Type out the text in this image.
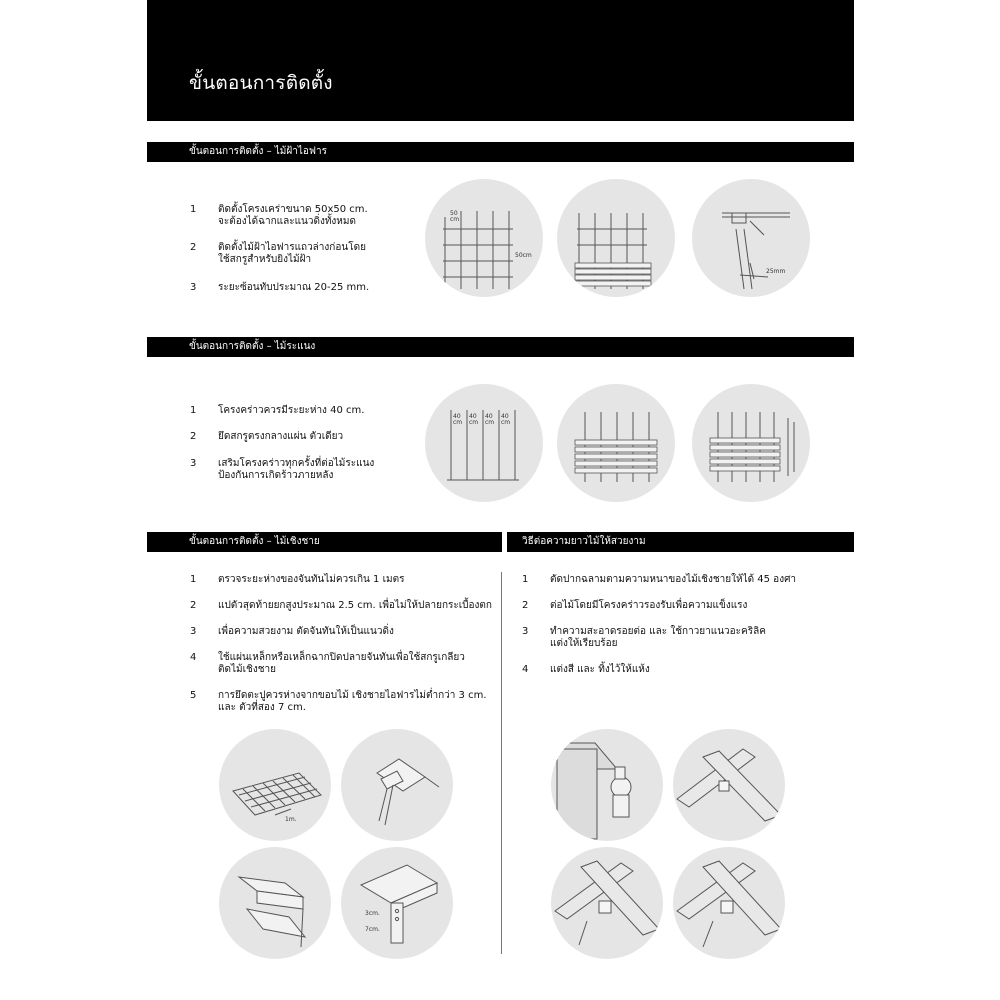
ขั้นตอนการติดตั้ง
ขั้นตอนการติดตั้ง – ไม้ฝ้าไอฟาร
1	ติดตั้งโครงเคร่าขนาด 50x50 cm.
จะต้องได้ฉากและแนวดิ่งทั้งหมด
2	ติดตั้งไม้ฝ้าไอฟารแถวล่างก่อนโดย
ใช้สกรูสำหรับยิงไม้ฝ้า
3	ระยะซ้อนทับประมาณ 20-25 mm.
50
cm
50cm
25mm
ขั้นตอนการติดตั้ง – ไม้ระแนง
1	โครงคร่าวควรมีระยะห่าง 40 cm.
2	ยึดสกรูตรงกลางแผ่น ตัวเดียว
3	เสริมโครงคร่าวทุกครั้งที่ต่อไม้ระแนง
ป้องกันการเกิดร้าวภายหลัง
40
cm
40
cm
40
cm
40
cm
ขั้นตอนการติดตั้ง – ไม้เชิงชาย	วิธีต่อความยาวไม้ให้สวยงาม
1	ตรวจระยะห่างของจันทันไม่ควรเกิน 1 เมตร
2	แปตัวสุดท้ายยกสูงประมาณ 2.5 cm. เพื่อไม่ให้ปลายกระเบื้องตก
3	เพื่อความสวยงาม ตัดจันทันให้เป็นแนวดิ่ง
4	ใช้แผ่นเหล็กหรือเหล็กฉากปิดปลายจันทันเพื่อใช้สกรูเกลียว
ติดไม้เชิงชาย
5	การยึดตะปูควรห่างจากขอบไม้ เชิงชายไอฟารไม่ต่ำกว่า 3 cm.
และ ตัวที่สอง 7 cm.
1	ตัดปากฉลามตามความหนาของไม้เชิงชายให้ได้ 45 องศา
2	ต่อไม้โดยมีโครงคร่าวรองรับเพื่อความแข็งแรง
3	ทำความสะอาดรอยต่อ และ ใช้กาวยาแนวอะคริลิค
แต่งให้เรียบร้อย
4	แต่งสี และ ทิ้งไว้ให้แห้ง
1m.
3cm.
7cm.
